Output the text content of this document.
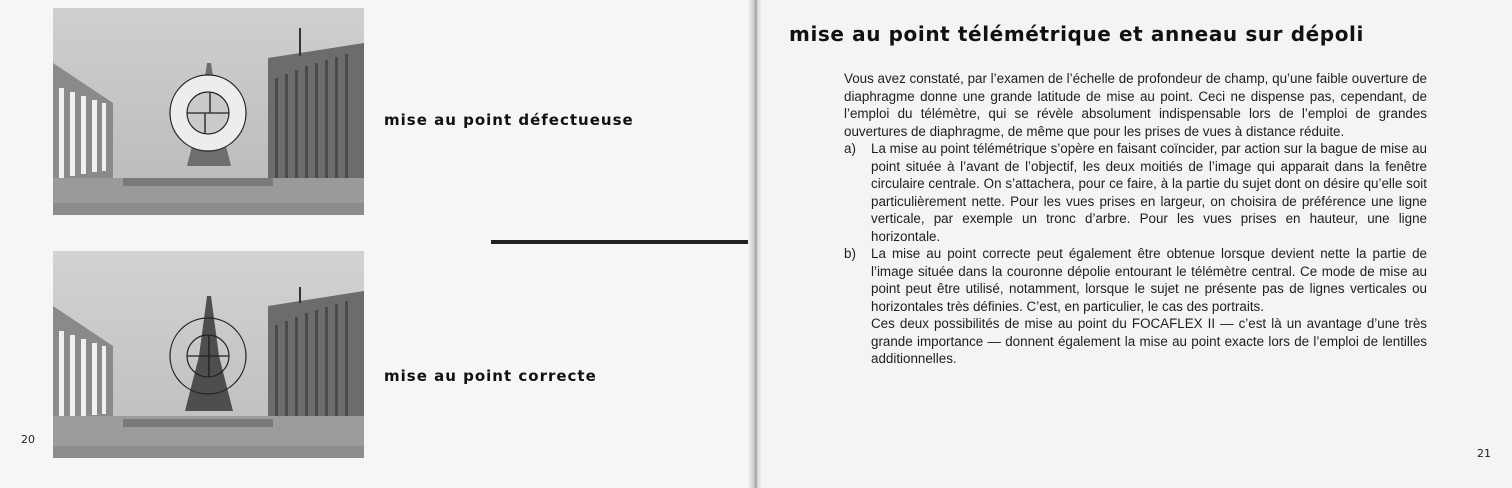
mise au point défectueuse
mise au point correcte
20
mise au point télémétrique et anneau sur dépoli

Vous avez constaté, par l’examen de l’échelle de profondeur de champ, qu’une faible ouverture de diaphragme donne une grande latitude de mise au point. Ceci ne dispense pas, cependant, de l’emploi du télémètre, qui se révèle absolument indispensable lors de l’emploi de grandes ouvertures de diaphragme, de même que pour les prises de vues à distance réduite.

a) La mise au point télémétrique s’opère en faisant coïncider, par action sur la bague de mise au point située à l’avant de l’objectif, les deux moitiés de l’image qui apparait dans la fenêtre circulaire centrale. On s’attachera, pour ce faire, à la partie du sujet dont on désire qu’elle soit particulièrement nette. Pour les vues prises en largeur, on choisira de préférence une ligne verticale, par exemple un tronc d’arbre. Pour les vues prises en hauteur, une ligne horizontale.

b) La mise au point correcte peut également être obtenue lorsque devient nette la partie de l’image située dans la couronne dépolie entourant le télémètre central. Ce mode de mise au point peut être utilisé, notamment, lorsque le sujet ne présente pas de lignes verticales ou horizontales très définies. C’est, en particulier, le cas des portraits.

Ces deux possibilités de mise au point du FOCAFLEX II — c’est là un avantage d’une très grande importance — donnent également la mise au point exacte lors de l’emploi de lentilles additionnelles.

21
